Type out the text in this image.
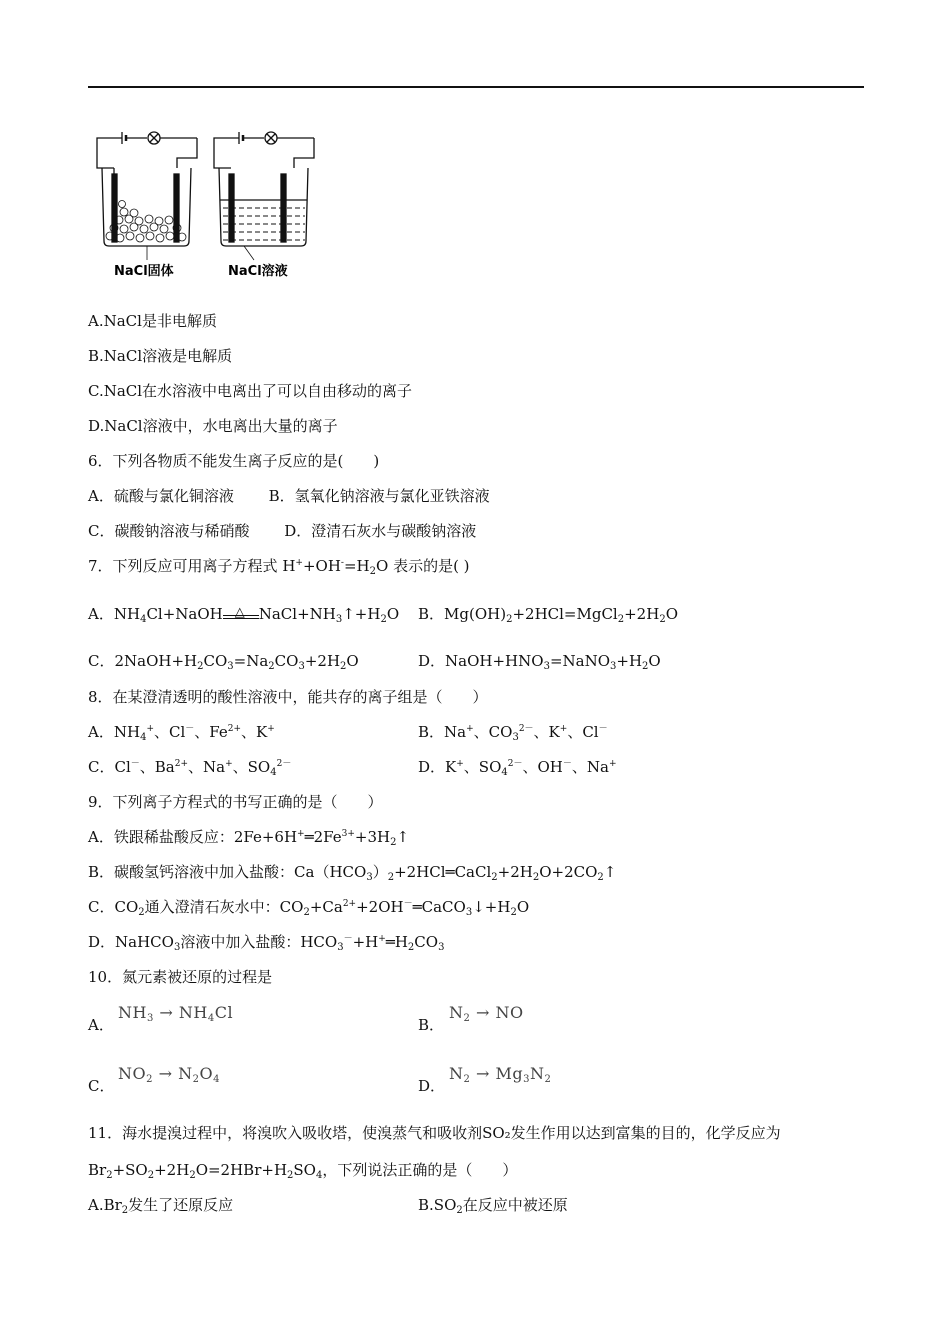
NaCl固体	NaCl溶液
A.NaCl是非电解质
B.NaCl溶液是电解质
C.NaCl在水溶液中电离出了可以自由移动的离子
D.NaCl溶液中，水电离出大量的离子
6．下列各物质不能发生离子反应的是(　　)
A．硫酸与氯化铜溶液 B．氢氧化钠溶液与氯化亚铁溶液
C．碳酸钠溶液与稀硝酸 D．澄清石灰水与碳酸钠溶液
7．下列反应可用离子方程式 $H^++OH^-=H_2O$ 表示的是( )
A．$NH_4Cl+NaOH$ △ $NaCl+NH_3↑+H_2O$ B．$Mg(OH)_2+2HCl=MgCl_2+2H_2O$
C．$2NaOH+H_2CO_3=Na_2CO_3+2H_2O$	D．$NaOH+HNO_3=NaNO_3+H_2O$
8．在某澄清透明的酸性溶液中，能共存的离子组是（　　）
A．$NH_4^+$、Cl－、$Fe^{2+}$、K+	B．Na+、$CO_3^{2-}$、K+、Cl－
C．Cl－、$Ba^{2+}$、Na+、$SO_4^{2-}$	D．K+、$SO_4^{2-}$、OH－、Na+
9．下列离子方程式的书写正确的是（　　）
A．铁跟稀盐酸反应：$2Fe+6H^+═2Fe^{3+}+3H_2↑$
B．碳酸氢钙溶液中加入盐酸：$Ca(HCO_3)_2+2HCl═CaCl_2+2H_2O+2CO_2↑$
C．$CO_2$通入澄清石灰水中：$CO_2+Ca^{2+}+2OH^-═CaCO_3↓+H_2O$
D．NaHCO$_3$溶液中加入盐酸：$HCO_3^-+H^+═H_2CO_3$
10．氮元素被还原的过程是
A．
$NH_3 \to NH_4Cl$
B．
$N_2$ → NO
C．
$NO_2 \to N_2O_4$	D．
$N_2 \to Mg_3N_2$
11．海水提溴过程中，将溴吹入吸收塔，使溴蒸气和吸收剂SO₂发生作用以达到富集的目的，化学反应为
$Br_2+SO_2+2H_2O=2HBr+H_2SO_4$，下列说法正确的是（　　）
$A.Br_2$发生了还原反应	$B.SO_2$在反应中被还原
